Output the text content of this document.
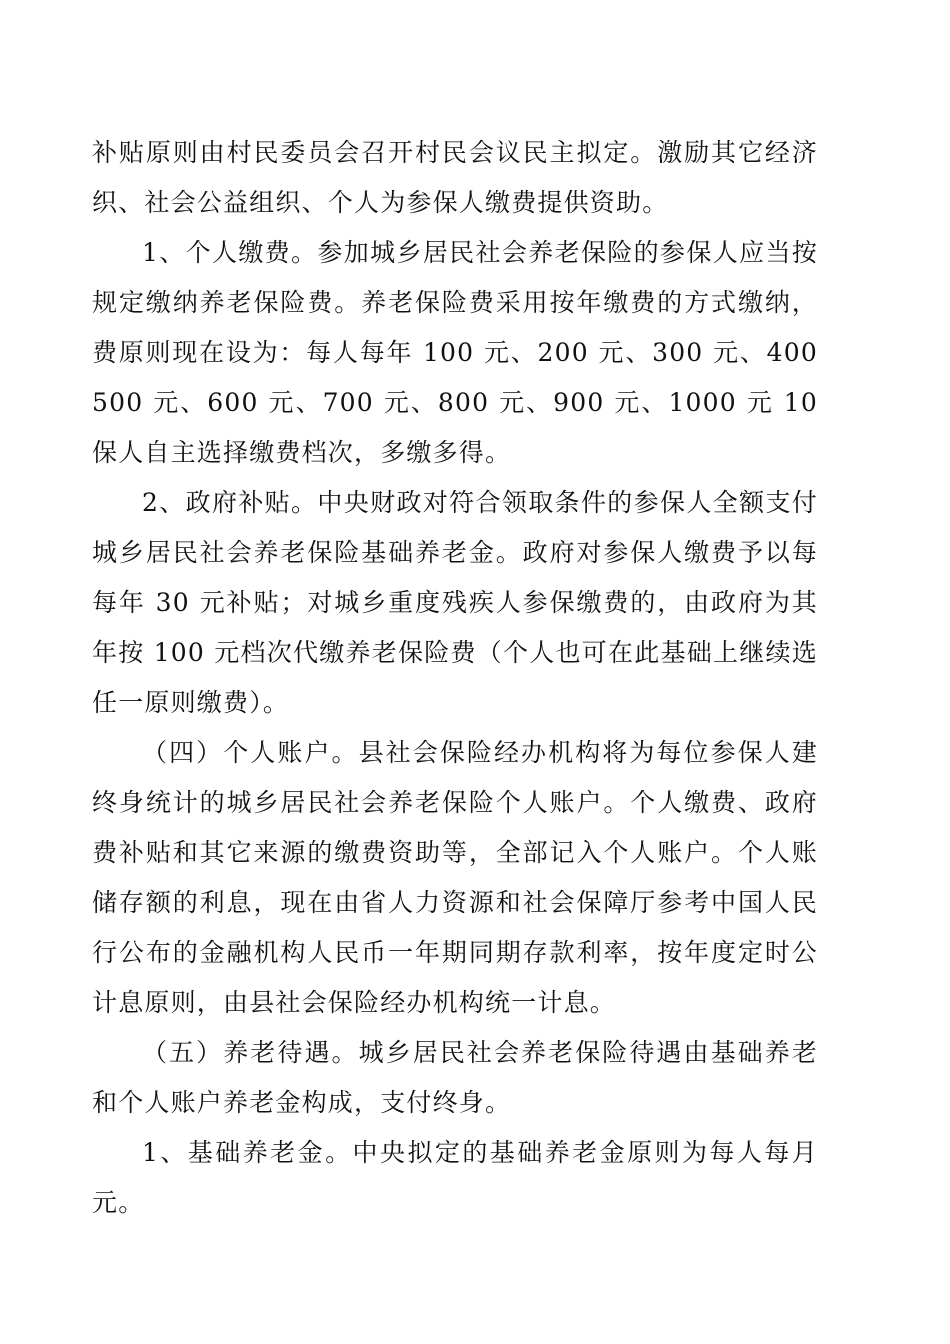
补贴原则由村民委员会召开村民会议民主拟定。激励其它经济
织、社会公益组织、个人为参保人缴费提供资助。
1、个人缴费。参加城乡居民社会养老保险的参保人应当按
规定缴纳养老保险费。养老保险费采用按年缴费的方式缴纳，
费原则现在设为：每人每年 100 元、200 元、300 元、400
500 元、600 元、700 元、800 元、900 元、1000 元 10
保人自主选择缴费档次，多缴多得。
2、政府补贴。中央财政对符合领取条件的参保人全额支付
城乡居民社会养老保险基础养老金。政府对参保人缴费予以每
每年 30 元补贴；对城乡重度残疾人参保缴费的，由政府为其
年按 100 元档次代缴养老保险费（个人也可在此基础上继续选
任一原则缴费）。
（四）个人账户。县社会保险经办机构将为每位参保人建
终身统计的城乡居民社会养老保险个人账户。个人缴费、政府
费补贴和其它来源的缴费资助等，全部记入个人账户。个人账
储存额的利息，现在由省人力资源和社会保障厅参考中国人民
行公布的金融机构人民币一年期同期存款利率，按年度定时公
计息原则，由县社会保险经办机构统一计息。
（五）养老待遇。城乡居民社会养老保险待遇由基础养老
和个人账户养老金构成，支付终身。
1、基础养老金。中央拟定的基础养老金原则为每人每月
元。
